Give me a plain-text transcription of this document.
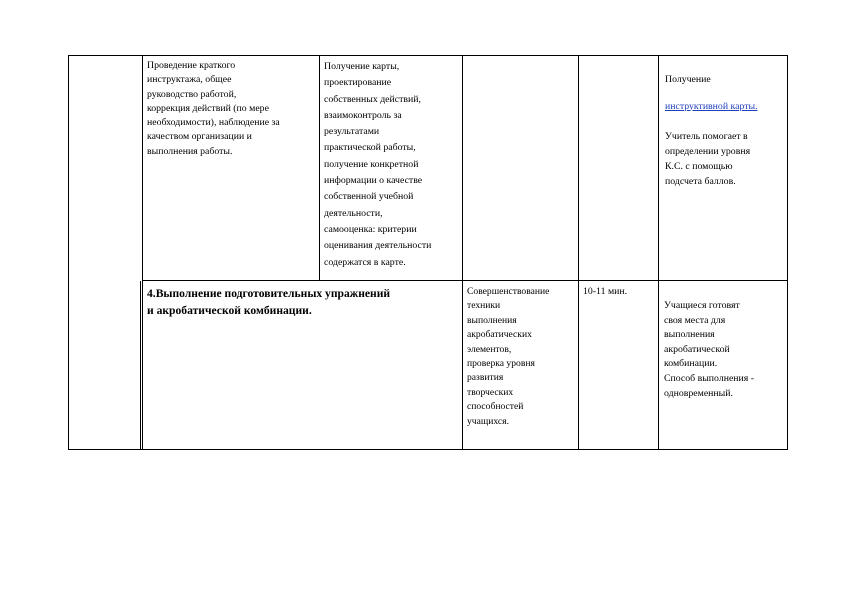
Проведение краткого
инструктажа, общее
руководство работой,
коррекция действий (по мере
необходимости), наблюдение за
качеством организации и
выполнения работы.
Получение карты,
проектирование
собственных действий,
взаимоконтроль за
результатами
практической работы,
получение конкретной
информации о качестве
собственной учебной
деятельности,
самооценка: критерии
оценивания деятельности
содержатся в карте.

Получение

инструктивной карты.

Учитель помогает в
определении уровня
К.С. с помощью
подсчета баллов.

4.Выполнение подготовительных упражнений
и акробатической комбинации.
Совершенствование
техники
выполнения
акробатических
элементов,
проверка уровня
развития
творческих
способностей
учащихся.
10-11 мин.
Учащиеся готовят
своя места для
выполнения
акробатической
комбинации.
Способ выполнения -
одновременный.
